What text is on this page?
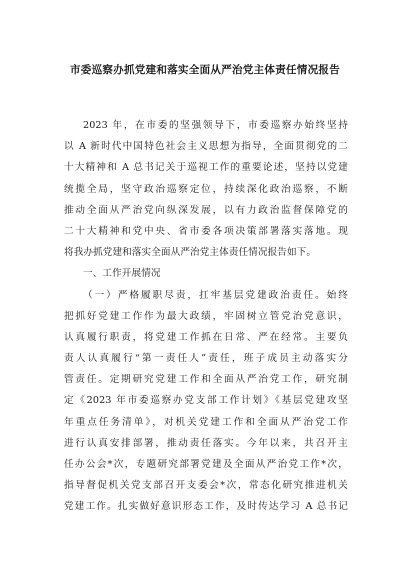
市委巡察办抓党建和落实全面从严治党主体责任情况报告
2023 年，在市委的坚强领导下，市委巡察办始终坚持
以 A 新时代中国特色社会主义思想为指导，全面贯彻党的二
十大精神和 A 总书记关于巡视工作的重要论述，坚持以党建
统揽全局，坚守政治巡察定位，持续深化政治巡察，不断
推动全面从严治党向纵深发展，以有力政治监督保障党的
二十大精神和党中央、省市委各项决策部署落实落地。现
将我办抓党建和落实全面从严治党主体责任情况报告如下。
一、工作开展情况
（一）严格履职尽责，扛牢基层党建政治责任。始终
把抓好党建工作作为最大政绩，牢固树立管党治党意识，
认真履行职责，将党建工作抓在日常、严在经常。主要负
责人认真履行“第一责任人”责任，班子成员主动落实分
管责任。定期研究党建工作和全面从严治党工作，研究制
定《2023 年市委巡察办党支部工作计划》《基层党建攻坚
年重点任务清单》，对机关党建工作和全面从严治党工作
进行认真安排部署，推动责任落实。今年以来，共召开主
任办公会*次，专题研究部署党建及全面从严治党工作*次，
指导督促机关党支部召开支委会*次，常态化研究推进机关
党建工作。扎实做好意识形态工作，及时传达学习 A 总书记
